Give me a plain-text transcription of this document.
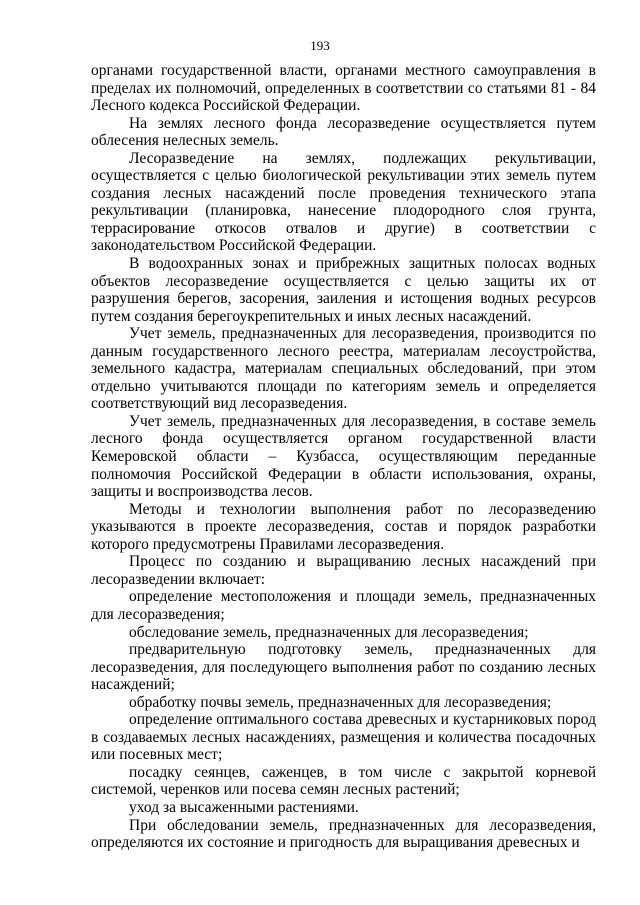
193

органами государственной власти, органами местного самоуправления в пределах их полномочий, определенных в соответствии со статьями 81 - 84 Лесного кодекса Российской Федерации.

На землях лесного фонда лесоразведение осуществляется путем облесения нелесных земель.

Лесоразведение на землях, подлежащих рекультивации, осуществляется с целью биологической рекультивации этих земель путем создания лесных насаждений после проведения технического этапа рекультивации (планировка, нанесение плодородного слоя грунта, террасирование откосов отвалов и другие) в соответствии с законодательством Российской Федерации.

В водоохранных зонах и прибрежных защитных полосах водных объектов лесоразведение осуществляется с целью защиты их от разрушения берегов, засорения, заиления и истощения водных ресурсов путем создания берегоукрепительных и иных лесных насаждений.

Учет земель, предназначенных для лесоразведения, производится по данным государственного лесного реестра, материалам лесоустройства, земельного кадастра, материалам специальных обследований, при этом отдельно учитываются площади по категориям земель и определяется соответствующий вид лесоразведения.

Учет земель, предназначенных для лесоразведения, в составе земель лесного фонда осуществляется органом государственной власти Кемеровской области – Кузбасса, осуществляющим переданные полномочия Российской Федерации в области использования, охраны, защиты и воспроизводства лесов.

Методы и технологии выполнения работ по лесоразведению указываются в проекте лесоразведения, состав и порядок разработки которого предусмотрены Правилами лесоразведения.

Процесс по созданию и выращиванию лесных насаждений при лесоразведении включает:

определение местоположения и площади земель, предназначенных для лесоразведения;

обследование земель, предназначенных для лесоразведения;

предварительную подготовку земель, предназначенных для лесоразведения, для последующего выполнения работ по созданию лесных насаждений;

обработку почвы земель, предназначенных для лесоразведения;

определение оптимального состава древесных и кустарниковых пород в создаваемых лесных насаждениях, размещения и количества посадочных или посевных мест;

посадку сеянцев, саженцев, в том числе с закрытой корневой системой, черенков или посева семян лесных растений;

уход за высаженными растениями.

При обследовании земель, предназначенных для лесоразведения, определяются их состояние и пригодность для выращивания древесных и
